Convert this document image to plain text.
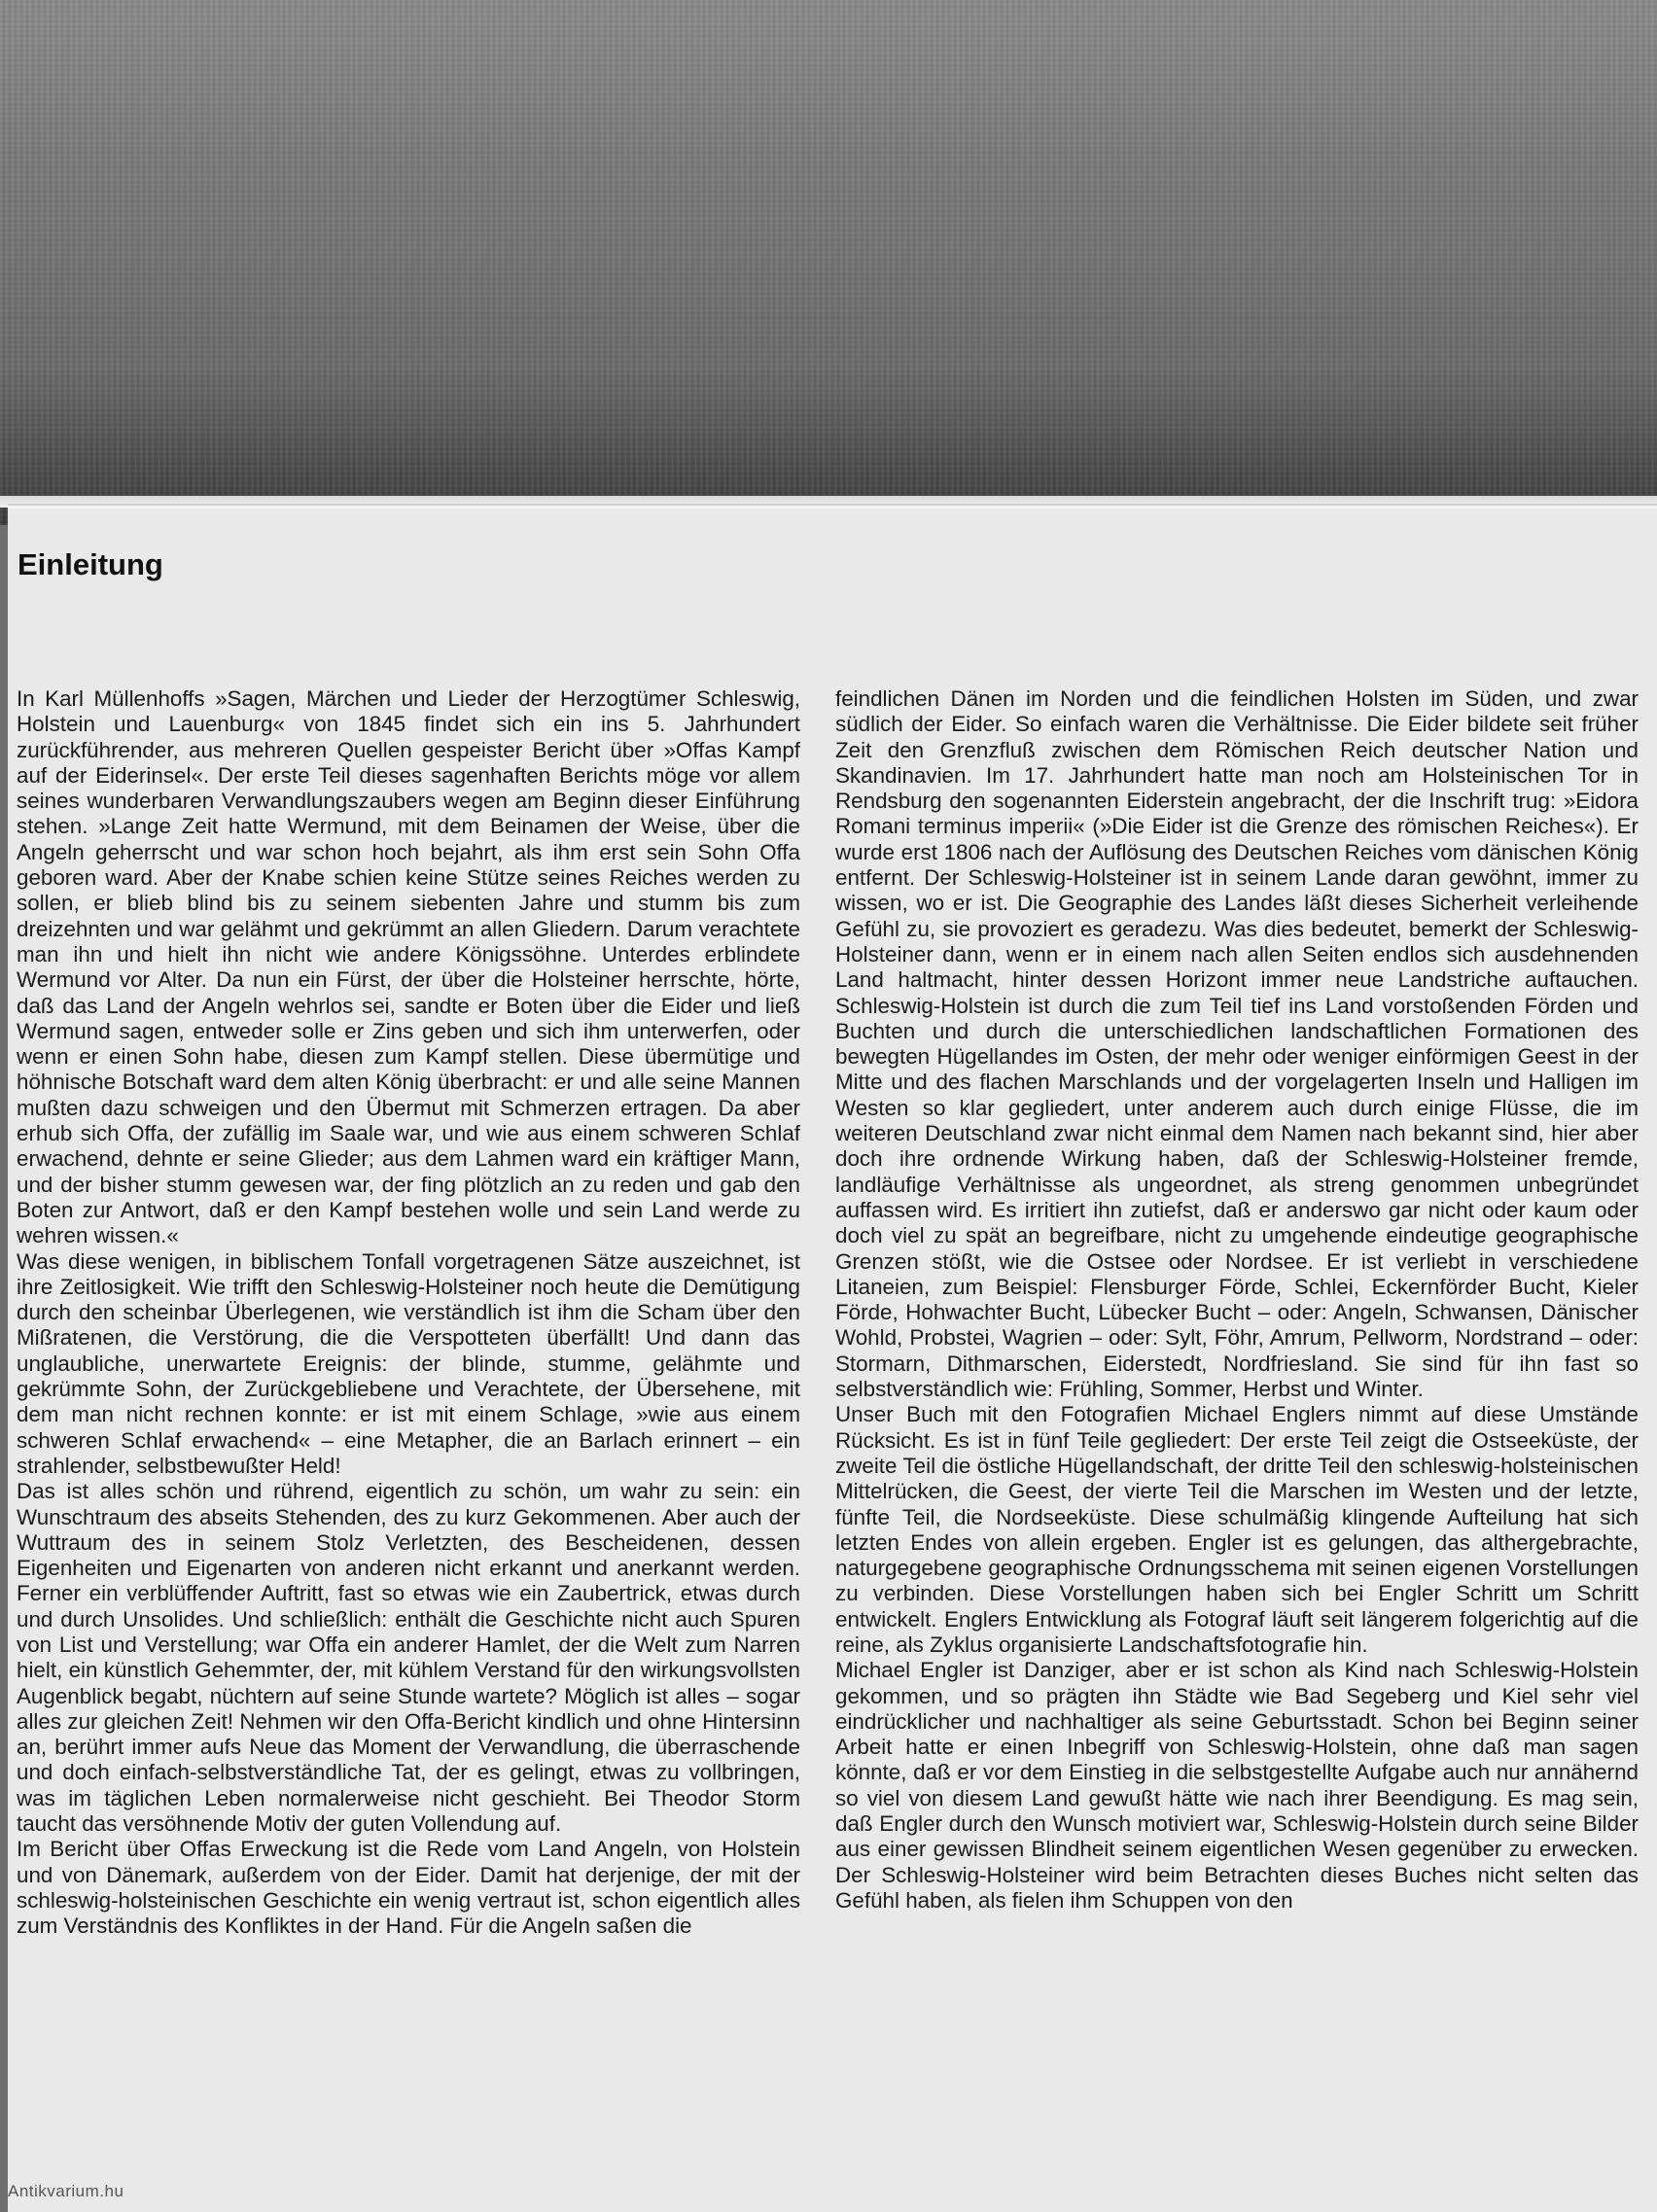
Einleitung

In Karl Müllenhoffs »Sagen, Märchen und Lieder der Herzogtümer Schleswig, Holstein und Lauenburg« von 1845 findet sich ein ins 5. Jahrhundert zurückführender, aus mehreren Quellen gespeister Bericht über »Offas Kampf auf der Eiderinsel«. Der erste Teil dieses sagenhaften Berichts möge vor allem seines wunderbaren Verwandlungszaubers wegen am Beginn dieser Einführung stehen. »Lange Zeit hatte Wermund, mit dem Beinamen der Weise, über die Angeln geherrscht und war schon hoch bejahrt, als ihm erst sein Sohn Offa geboren ward. Aber der Knabe schien keine Stütze seines Reiches werden zu sollen, er blieb blind bis zu seinem siebenten Jahre und stumm bis zum dreizehnten und war gelähmt und gekrümmt an allen Gliedern. Darum verachtete man ihn und hielt ihn nicht wie andere Königssöhne. Unterdes erblindete Wermund vor Alter. Da nun ein Fürst, der über die Holsteiner herrschte, hörte, daß das Land der Angeln wehrlos sei, sandte er Boten über die Eider und ließ Wermund sagen, entweder solle er Zins geben und sich ihm unterwerfen, oder wenn er einen Sohn habe, diesen zum Kampf stellen. Diese übermütige und höhnische Botschaft ward dem alten König überbracht: er und alle seine Mannen mußten dazu schweigen und den Übermut mit Schmerzen ertragen. Da aber erhub sich Offa, der zufällig im Saale war, und wie aus einem schweren Schlaf erwachend, dehnte er seine Glieder; aus dem Lahmen ward ein kräftiger Mann, und der bisher stumm gewesen war, der fing plötzlich an zu reden und gab den Boten zur Antwort, daß er den Kampf bestehen wolle und sein Land werde zu wehren wissen.«

Was diese wenigen, in biblischem Tonfall vorgetragenen Sätze auszeichnet, ist ihre Zeitlosigkeit. Wie trifft den Schleswig-Holsteiner noch heute die Demütigung durch den scheinbar Überlegenen, wie verständlich ist ihm die Scham über den Mißratenen, die Verstörung, die die Verspotteten überfällt! Und dann das unglaubliche, unerwartete Ereignis: der blinde, stumme, gelähmte und gekrümmte Sohn, der Zurückgebliebene und Verachtete, der Übersehene, mit dem man nicht rechnen konnte: er ist mit einem Schlage, »wie aus einem schweren Schlaf erwachend« – eine Metapher, die an Barlach erinnert – ein strahlender, selbstbewußter Held!

Das ist alles schön und rührend, eigentlich zu schön, um wahr zu sein: ein Wunschtraum des abseits Stehenden, des zu kurz Gekommenen. Aber auch der Wuttraum des in seinem Stolz Verletzten, des Bescheidenen, dessen Eigenheiten und Eigenarten von anderen nicht erkannt und anerkannt werden. Ferner ein verblüffender Auftritt, fast so etwas wie ein Zaubertrick, etwas durch und durch Unsolides. Und schließlich: enthält die Geschichte nicht auch Spuren von List und Verstellung; war Offa ein anderer Hamlet, der die Welt zum Narren hielt, ein künstlich Gehemmter, der, mit kühlem Verstand für den wirkungsvollsten Augenblick begabt, nüchtern auf seine Stunde wartete? Möglich ist alles – sogar alles zur gleichen Zeit! Nehmen wir den Offa-Bericht kindlich und ohne Hintersinn an, berührt immer aufs Neue das Moment der Verwandlung, die überraschende und doch einfach-selbstverständliche Tat, der es gelingt, etwas zu vollbringen, was im täglichen Leben normalerweise nicht geschieht. Bei Theodor Storm taucht das versöhnende Motiv der guten Vollendung auf.

Im Bericht über Offas Erweckung ist die Rede vom Land Angeln, von Holstein und von Dänemark, außerdem von der Eider. Damit hat derjenige, der mit der schleswig-holsteinischen Geschichte ein wenig vertraut ist, schon eigentlich alles zum Verständnis des Konfliktes in der Hand. Für die Angeln saßen die

feindlichen Dänen im Norden und die feindlichen Holsten im Süden, und zwar südlich der Eider. So einfach waren die Verhältnisse. Die Eider bildete seit früher Zeit den Grenzfluß zwischen dem Römischen Reich deutscher Nation und Skandinavien. Im 17. Jahrhundert hatte man noch am Holsteinischen Tor in Rendsburg den sogenannten Eiderstein angebracht, der die Inschrift trug: »Eidora Romani terminus imperii« (»Die Eider ist die Grenze des römischen Reiches«). Er wurde erst 1806 nach der Auflösung des Deutschen Reiches vom dänischen König entfernt. Der Schleswig-Holsteiner ist in seinem Lande daran gewöhnt, immer zu wissen, wo er ist. Die Geographie des Landes läßt dieses Sicherheit verleihende Gefühl zu, sie provoziert es geradezu. Was dies bedeutet, bemerkt der Schleswig-Holsteiner dann, wenn er in einem nach allen Seiten endlos sich ausdehnenden Land haltmacht, hinter dessen Horizont immer neue Landstriche auftauchen. Schleswig-Holstein ist durch die zum Teil tief ins Land vorstoßenden Förden und Buchten und durch die unterschiedlichen landschaftlichen Formationen des bewegten Hügellandes im Osten, der mehr oder weniger einförmigen Geest in der Mitte und des flachen Marschlands und der vorgelagerten Inseln und Halligen im Westen so klar gegliedert, unter anderem auch durch einige Flüsse, die im weiteren Deutschland zwar nicht einmal dem Namen nach bekannt sind, hier aber doch ihre ordnende Wirkung haben, daß der Schleswig-Holsteiner fremde, landläufige Verhältnisse als ungeordnet, als streng genommen unbegründet auffassen wird. Es irritiert ihn zutiefst, daß er anderswo gar nicht oder kaum oder doch viel zu spät an begreifbare, nicht zu umgehende eindeutige geographische Grenzen stößt, wie die Ostsee oder Nordsee. Er ist verliebt in verschiedene Litaneien, zum Beispiel: Flensburger Förde, Schlei, Eckernförder Bucht, Kieler Förde, Hohwachter Bucht, Lübecker Bucht – oder: Angeln, Schwansen, Dänischer Wohld, Probstei, Wagrien – oder: Sylt, Föhr, Amrum, Pellworm, Nordstrand – oder: Stormarn, Dithmarschen, Eiderstedt, Nordfriesland. Sie sind für ihn fast so selbstverständlich wie: Frühling, Sommer, Herbst und Winter.

Unser Buch mit den Fotografien Michael Englers nimmt auf diese Umstände Rücksicht. Es ist in fünf Teile gegliedert: Der erste Teil zeigt die Ostseeküste, der zweite Teil die östliche Hügellandschaft, der dritte Teil den schleswig-holsteinischen Mittelrücken, die Geest, der vierte Teil die Marschen im Westen und der letzte, fünfte Teil, die Nordseeküste. Diese schulmäßig klingende Aufteilung hat sich letzten Endes von allein ergeben. Engler ist es gelungen, das althergebrachte, naturgegebene geographische Ordnungsschema mit seinen eigenen Vorstellungen zu verbinden. Diese Vorstellungen haben sich bei Engler Schritt um Schritt entwickelt. Englers Entwicklung als Fotograf läuft seit längerem folgerichtig auf die reine, als Zyklus organisierte Landschaftsfotografie hin.

Michael Engler ist Danziger, aber er ist schon als Kind nach Schleswig-Holstein gekommen, und so prägten ihn Städte wie Bad Segeberg und Kiel sehr viel eindrücklicher und nachhaltiger als seine Geburtsstadt. Schon bei Beginn seiner Arbeit hatte er einen Inbegriff von Schleswig-Holstein, ohne daß man sagen könnte, daß er vor dem Einstieg in die selbstgestellte Aufgabe auch nur annähernd so viel von diesem Land gewußt hätte wie nach ihrer Beendigung. Es mag sein, daß Engler durch den Wunsch motiviert war, Schleswig-Holstein durch seine Bilder aus einer gewissen Blindheit seinem eigentlichen Wesen gegenüber zu erwecken. Der Schleswig-Holsteiner wird beim Betrachten dieses Buches nicht selten das Gefühl haben, als fielen ihm Schuppen von den

Antikvarium.hu
